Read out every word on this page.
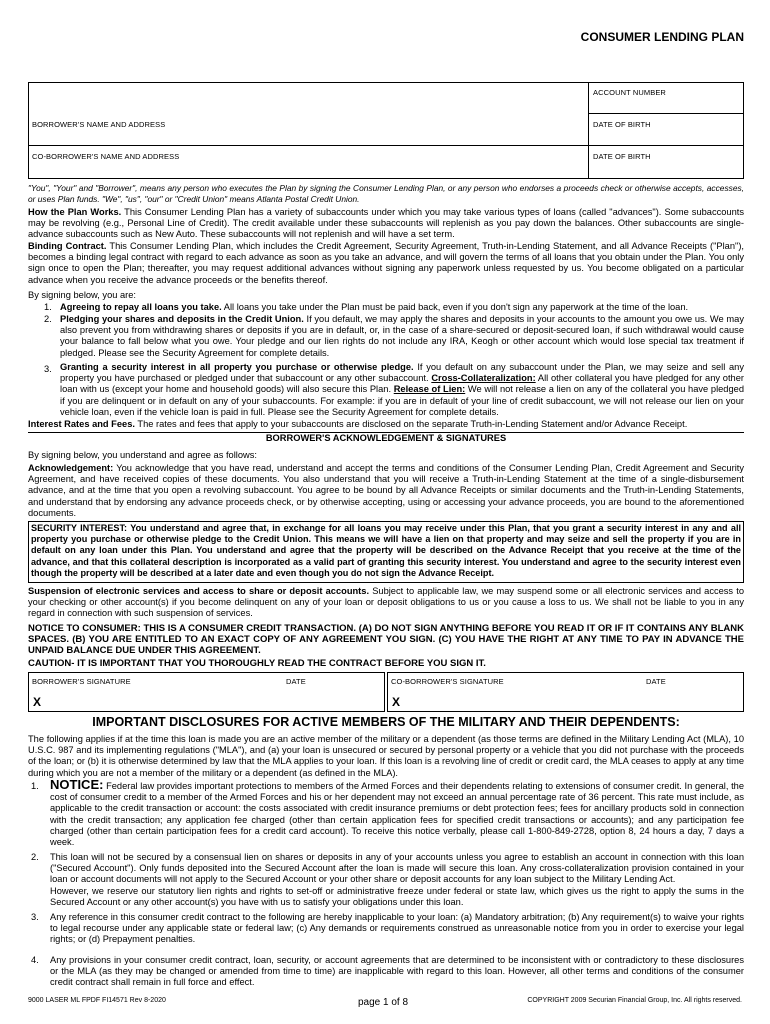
CONSUMER LENDING PLAN
ACCOUNT NUMBER
BORROWER'S NAME AND ADDRESS	DATE OF BIRTH
CO-BORROWER'S NAME AND ADDRESS	DATE OF BIRTH

"You", "Your" and "Borrower", means any person who executes the Plan by signing the Consumer Lending Plan, or any person who endorses a proceeds check or otherwise accepts, accesses, or uses Plan funds. "We", "us", "our" or "Credit Union" means Atlanta Postal Credit Union.

How the Plan Works. This Consumer Lending Plan has a variety of subaccounts under which you may take various types of loans (called "advances"). Some subaccounts may be revolving (e.g., Personal Line of Credit). The credit available under these subaccounts will replenish as you pay down the balances. Other subaccounts are single-advance subaccounts such as New Auto. These subaccounts will not replenish and will have a set term.

Binding Contract. This Consumer Lending Plan, which includes the Credit Agreement, Security Agreement, Truth-in-Lending Statement, and all Advance Receipts ("Plan"), becomes a binding legal contract with regard to each advance as soon as you take an advance, and will govern the terms of all loans that you obtain under the Plan. You only sign once to open the Plan; thereafter, you may request additional advances without signing any paperwork unless requested by us. You become obligated on a particular advance when you receive the advance proceeds or the benefits thereof.

By signing below, you are:

1. Agreeing to repay all loans you take. All loans you take under the Plan must be paid back, even if you don't sign any paperwork at the time of the loan.

2. Pledging your shares and deposits in the Credit Union. If you default, we may apply the shares and deposits in your accounts to the amount you owe us. We may also prevent you from withdrawing shares or deposits if you are in default, or, in the case of a share-secured or deposit-secured loan, if such withdrawal would cause your balance to fall below what you owe. Your pledge and our lien rights do not include any IRA, Keogh or other account which would lose special tax treatment if pledged. Please see the Security Agreement for complete details.

3. Granting a security interest in all property you purchase or otherwise pledge. If you default on any subaccount under the Plan, we may seize and sell any property you have purchased or pledged under that subaccount or any other subaccount. Cross-Collateralization: All other collateral you have pledged for any other loan with us (except your home and household goods) will also secure this Plan. Release of Lien: We will not release a lien on any of the collateral you have pledged if you are delinquent or in default on any of your subaccounts. For example: if you are in default of your line of credit subaccount, we will not release our lien on your vehicle loan, even if the vehicle loan is paid in full. Please see the Security Agreement for complete details.

Interest Rates and Fees. The rates and fees that apply to your subaccounts are disclosed on the separate Truth-in-Lending Statement and/or Advance Receipt.

BORROWER'S ACKNOWLEDGEMENT & SIGNATURES

By signing below, you understand and agree as follows:

Acknowledgement: You acknowledge that you have read, understand and accept the terms and conditions of the Consumer Lending Plan, Credit Agreement and Security Agreement, and have received copies of these documents. You also understand that you will receive a Truth-in-Lending Statement at the time of a single-disbursement advance, and at the time that you open a revolving subaccount. You agree to be bound by all Advance Receipts or similar documents and the Truth-in-Lending Statements, and understand that by endorsing any advance proceeds check, or by otherwise accepting, using or accessing your advance proceeds, you are bound to the aforementioned documents.

SECURITY INTEREST: You understand and agree that, in exchange for all loans you may receive under this Plan, that you grant a security interest in any and all property you purchase or otherwise pledge to the Credit Union. This means we will have a lien on that property and may seize and sell the property if you are in default on any loan under this Plan. You understand and agree that the property will be described on the Advance Receipt that you receive at the time of the advance, and that this collateral description is incorporated as a valid part of granting this security interest. You understand and agree to the security interest even though the property will be described at a later date and even though you do not sign the Advance Receipt.

Suspension of electronic services and access to share or deposit accounts. Subject to applicable law, we may suspend some or all electronic services and access to your checking or other account(s) if you become delinquent on any of your loan or deposit obligations to us or you cause a loss to us. We shall not be liable to you in any regard in connection with such suspension of services.

NOTICE TO CONSUMER: THIS IS A CONSUMER CREDIT TRANSACTION. (A) DO NOT SIGN ANYTHING BEFORE YOU READ IT OR IF IT CONTAINS ANY BLANK SPACES. (B) YOU ARE ENTITLED TO AN EXACT COPY OF ANY AGREEMENT YOU SIGN. (C) YOU HAVE THE RIGHT AT ANY TIME TO PAY IN ADVANCE THE UNPAID BALANCE DUE UNDER THIS AGREEMENT.

CAUTION- IT IS IMPORTANT THAT YOU THOROUGHLY READ THE CONTRACT BEFORE YOU SIGN IT.

BORROWER'S SIGNATURE	DATE
X
CO-BORROWER'S SIGNATURE	DATE
X

IMPORTANT DISCLOSURES FOR ACTIVE MEMBERS OF THE MILITARY AND THEIR DEPENDENTS:

The following applies if at the time this loan is made you are an active member of the military or a dependent (as those terms are defined in the Military Lending Act (MLA), 10 U.S.C. 987 and its implementing regulations ("MLA"), and (a) your loan is unsecured or secured by personal property or a vehicle that you did not purchase with the proceeds of the loan; or (b) it is otherwise determined by law that the MLA applies to your loan. If this loan is a revolving line of credit or credit card, the MLA ceases to apply at any time during which you are not a member of the military or a dependent (as defined in the MLA).

1. NOTICE: Federal law provides important protections to members of the Armed Forces and their dependents relating to extensions of consumer credit. In general, the cost of consumer credit to a member of the Armed Forces and his or her dependent may not exceed an annual percentage rate of 36 percent. This rate must include, as applicable to the credit transaction or account: the costs associated with credit insurance premiums or debt protection fees; fees for ancillary products sold in connection with the credit transaction; any application fee charged (other than certain application fees for specified credit transactions or accounts); and any participation fee charged (other than certain participation fees for a credit card account). To receive this notice verbally, please call 1-800-849-2728, option 8, 24 hours a day, 7 days a week.

2. This loan will not be secured by a consensual lien on shares or deposits in any of your accounts unless you agree to establish an account in connection with this loan ("Secured Account"). Only funds deposited into the Secured Account after the loan is made will secure this loan. Any cross-collateralization provision contained in your loan or account documents will not apply to the Secured Account or your other share or deposit accounts for any loan subject to the Military Lending Act.
However, we reserve our statutory lien rights and rights to set-off or administrative freeze under federal or state law, which gives us the right to apply the sums in the Secured Account or any other account(s) you have with us to satisfy your obligations under this loan.

3. Any reference in this consumer credit contract to the following are hereby inapplicable to your loan: (a) Mandatory arbitration; (b) Any requirement(s) to waive your rights to legal recourse under any applicable state or federal law; (c) Any demands or requirements construed as unreasonable notice from you in order to exercise your legal rights; or (d) Prepayment penalties.

4. Any provisions in your consumer credit contract, loan, security, or account agreements that are determined to be inconsistent with or contradictory to these disclosures or the MLA (as they may be changed or amended from time to time) are inapplicable with regard to this loan. However, all other terms and conditions of the consumer credit contract shall remain in full force and effect.

9000 LASER ML FPDF FI14571 Rev 8-2020	page 1 of 8	COPYRIGHT 2009 Securian Financial Group, Inc. All rights reserved.
